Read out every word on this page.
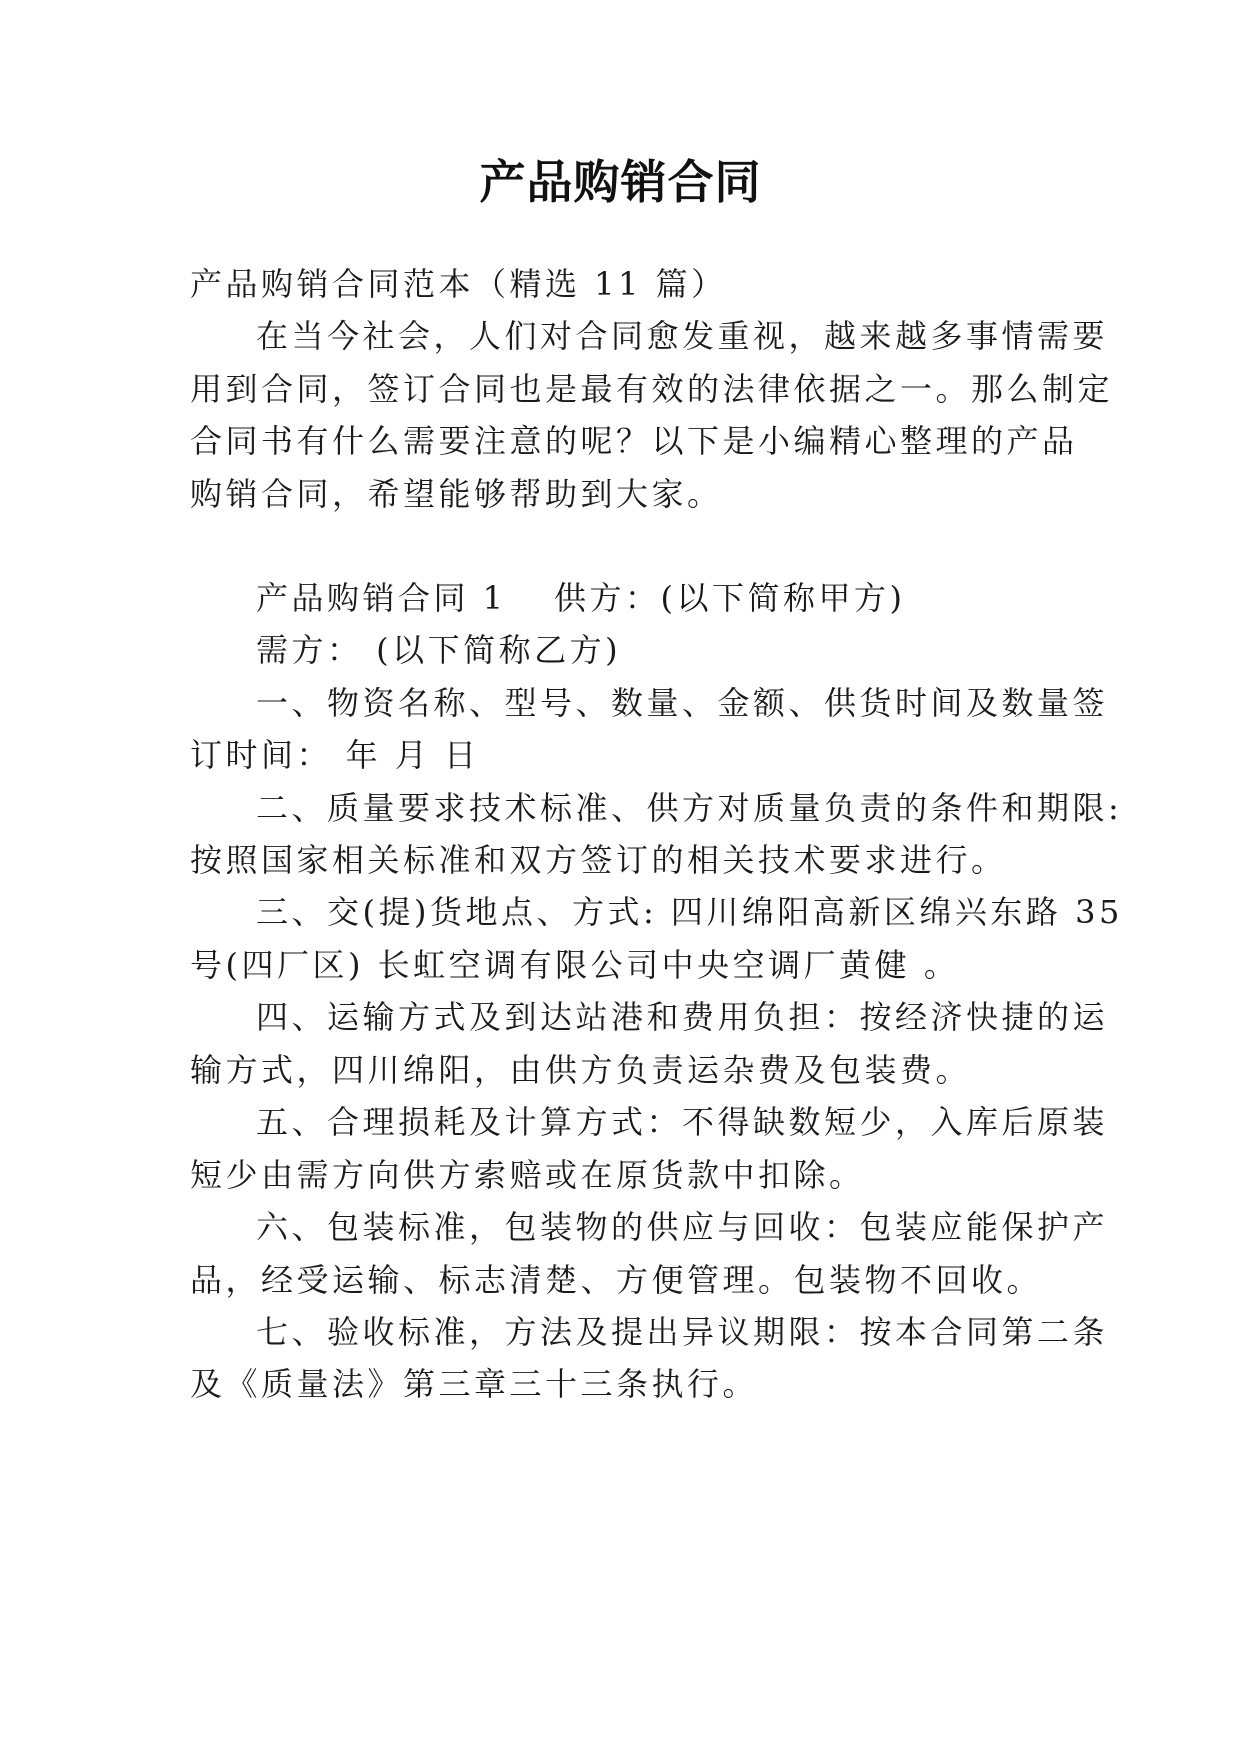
产品购销合同
产品购销合同范本（精选 11 篇）
在当今社会，人们对合同愈发重视，越来越多事情需要
用到合同，签订合同也是最有效的法律依据之一。那么制定
合同书有什么需要注意的呢？以下是小编精心整理的产品
购销合同，希望能够帮助到大家。
产品购销合同 1 供方：(以下简称甲方)
需方： (以下简称乙方)
一、物资名称、型号、数量、金额、供货时间及数量签
订时间： 年 月 日
二、质量要求技术标准、供方对质量负责的条件和期限:
按照国家相关标准和双方签订的相关技术要求进行。
三、交(提)货地点、方式: 四川绵阳高新区绵兴东路 35
号(四厂区) 长虹空调有限公司中央空调厂黄健 。
四、运输方式及到达站港和费用负担：按经济快捷的运
输方式，四川绵阳，由供方负责运杂费及包装费。
五、合理损耗及计算方式：不得缺数短少，入库后原装
短少由需方向供方索赔或在原货款中扣除。
六、包装标准，包装物的供应与回收：包装应能保护产
品，经受运输、标志清楚、方便管理。包装物不回收。
七、验收标准，方法及提出异议期限：按本合同第二条
及《质量法》第三章三十三条执行。
